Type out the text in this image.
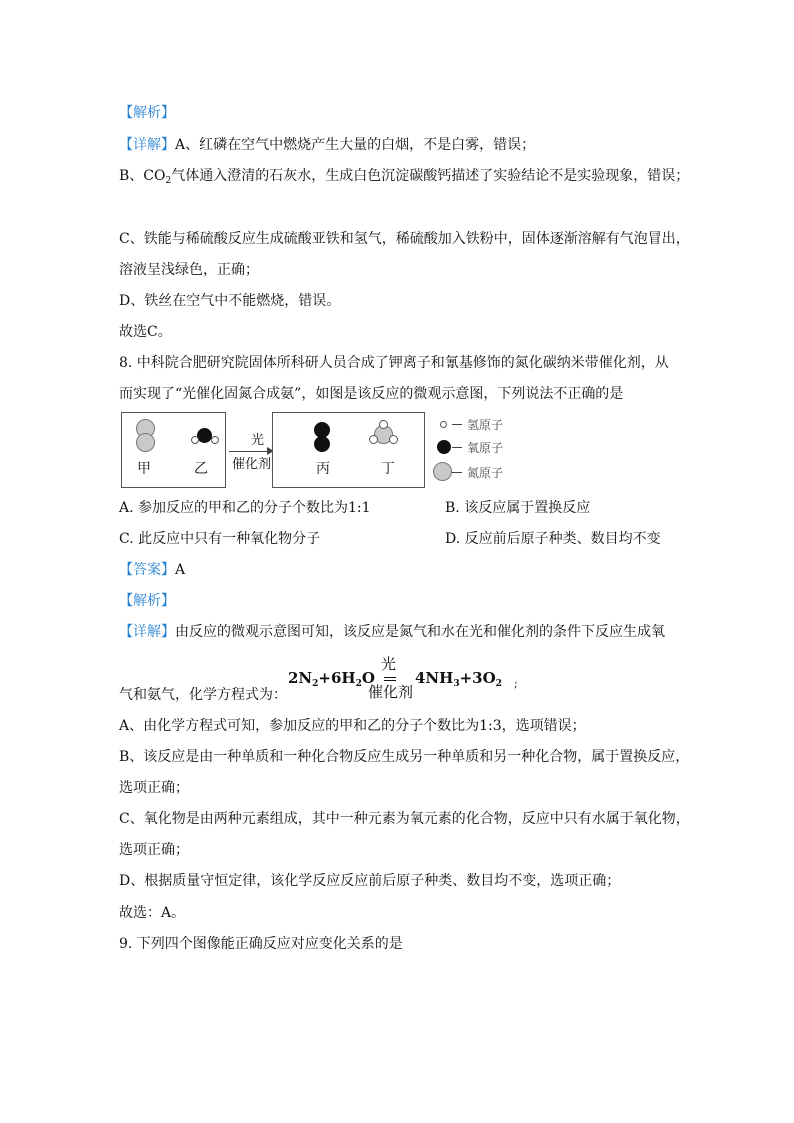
【解析】
【详解】A、红磷在空气中燃烧产生大量的白烟，不是白雾，错误；
B、$CO_2$气体通入澄清的石灰水，生成白色沉淀碳酸钙描述了实验结论不是实验现象，错误；
C、铁能与稀硫酸反应生成硫酸亚铁和氢气，稀硫酸加入铁粉中，固体逐渐溶解有气泡冒出，
溶液呈浅绿色，正确；
D、铁丝在空气中不能燃烧，错误。
故选C。
8. 中科院合肥研究院固体所科研人员合成了钾离子和氰基修饰的氮化碳纳米带催化剂，从
而实现了“光催化固氮合成氨”，如图是该反应的微观示意图，下列说法不正确的是
甲	乙
光
催化剂	丙	丁
氢原子
氧原子
氮原子
A. 参加反应的甲和乙的分子个数比为1:1	B. 该反应属于置换反应
C. 此反应中只有一种氧化物分子	D. 反应前后原子种类、数目均不变
【答案】A
【解析】
【详解】由反应的微观示意图可知，该反应是氮气和水在光和催化剂的条件下反应生成氧
气和氨气，化学方程式为：
$2N_2+6H_2O$
光
催化剂
$4NH_3+3O_2$ ;
A、由化学方程式可知，参加反应的甲和乙的分子个数比为1:3，选项错误；
B、该反应是由一种单质和一种化合物反应生成另一种单质和另一种化合物，属于置换反应，
选项正确；
C、氧化物是由两种元素组成，其中一种元素为氧元素的化合物，反应中只有水属于氧化物，
选项正确；
D、根据质量守恒定律，该化学反应反应前后原子种类、数目均不变，选项正确；
故选：A。
9. 下列四个图像能正确反应对应变化关系的是
